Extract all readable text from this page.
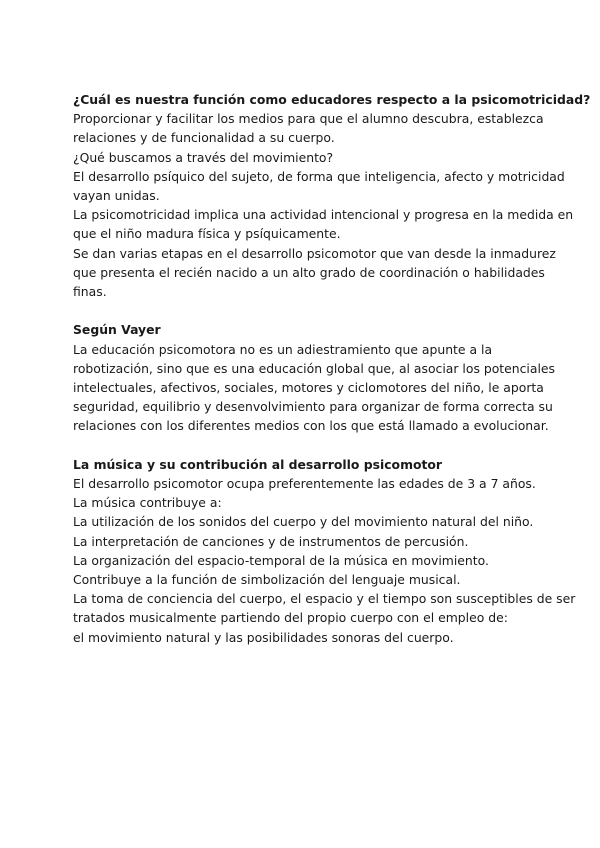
¿Cuál es nuestra función como educadores respecto a la psicomotricidad?
Proporcionar y facilitar los medios para que el alumno descubra, establezca
relaciones y de funcionalidad a su cuerpo.
¿Qué buscamos a través del movimiento?
El desarrollo psíquico del sujeto, de forma que inteligencia, afecto y motricidad
vayan unidas.
La psicomotricidad implica una actividad intencional y progresa en la medida en
que el niño madura física y psíquicamente.
Se dan varias etapas en el desarrollo psicomotor que van desde la inmadurez
que presenta el recién nacido a un alto grado de coordinación o habilidades
finas.
Según Vayer
La educación psicomotora no es un adiestramiento que apunte a la
robotización, sino que es una educación global que, al asociar los potenciales
intelectuales, afectivos, sociales, motores y ciclomotores del niño, le aporta
seguridad, equilibrio y desenvolvimiento para organizar de forma correcta su
relaciones con los diferentes medios con los que está llamado a evolucionar.
La música y su contribución al desarrollo psicomotor
El desarrollo psicomotor ocupa preferentemente las edades de 3 a 7 años.
La música contribuye a:
La utilización de los sonidos del cuerpo y del movimiento natural del niño.
La interpretación de canciones y de instrumentos de percusión.
La organización del espacio-temporal de la música en movimiento.
Contribuye a la función de simbolización del lenguaje musical.
La toma de conciencia del cuerpo, el espacio y el tiempo son susceptibles de ser
tratados musicalmente partiendo del propio cuerpo con el empleo de:
el movimiento natural y las posibilidades sonoras del cuerpo.
